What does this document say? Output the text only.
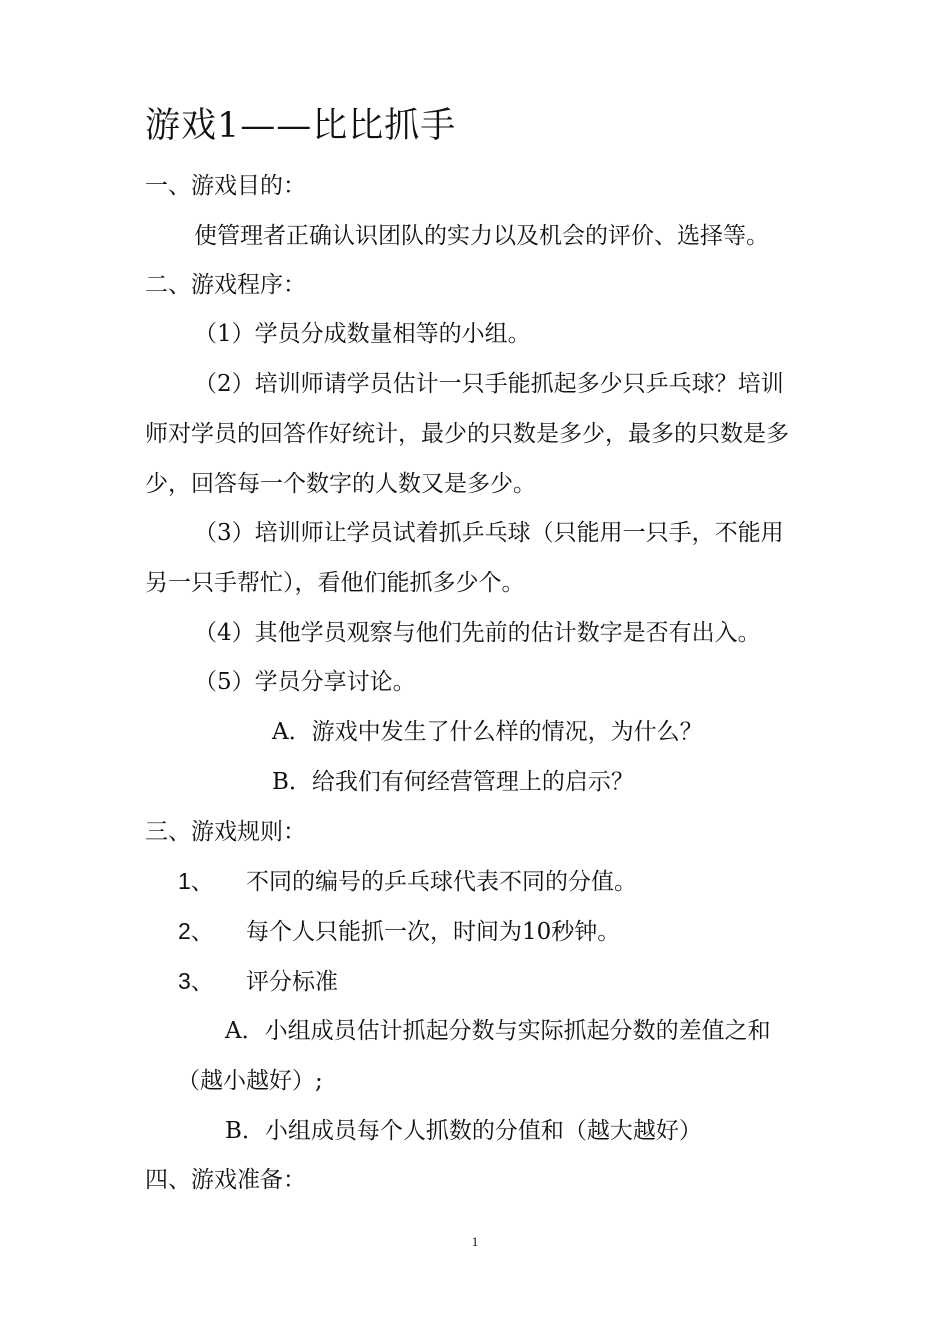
游戏1——比比抓手
一、游戏目的：
使管理者正确认识团队的实力以及机会的评价、选择等。
二、游戏程序：
（1）学员分成数量相等的小组。
（2）培训师请学员估计一只手能抓起多少只乒乓球？培训
师对学员的回答作好统计，最少的只数是多少，最多的只数是多
少，回答每一个数字的人数又是多少。
（3）培训师让学员试着抓乒乓球（只能用一只手，不能用
另一只手帮忙），看他们能抓多少个。
（4）其他学员观察与他们先前的估计数字是否有出入。
（5）学员分享讨论。
A．游戏中发生了什么样的情况，为什么？
B．给我们有何经营管理上的启示？
三、游戏规则：
1、 不同的编号的乒乓球代表不同的分值。
2、 每个人只能抓一次，时间为10秒钟。
3、 评分标准
A．小组成员估计抓起分数与实际抓起分数的差值之和
（越小越好）;
B．小组成员每个人抓数的分值和（越大越好）
四、游戏准备：
1
